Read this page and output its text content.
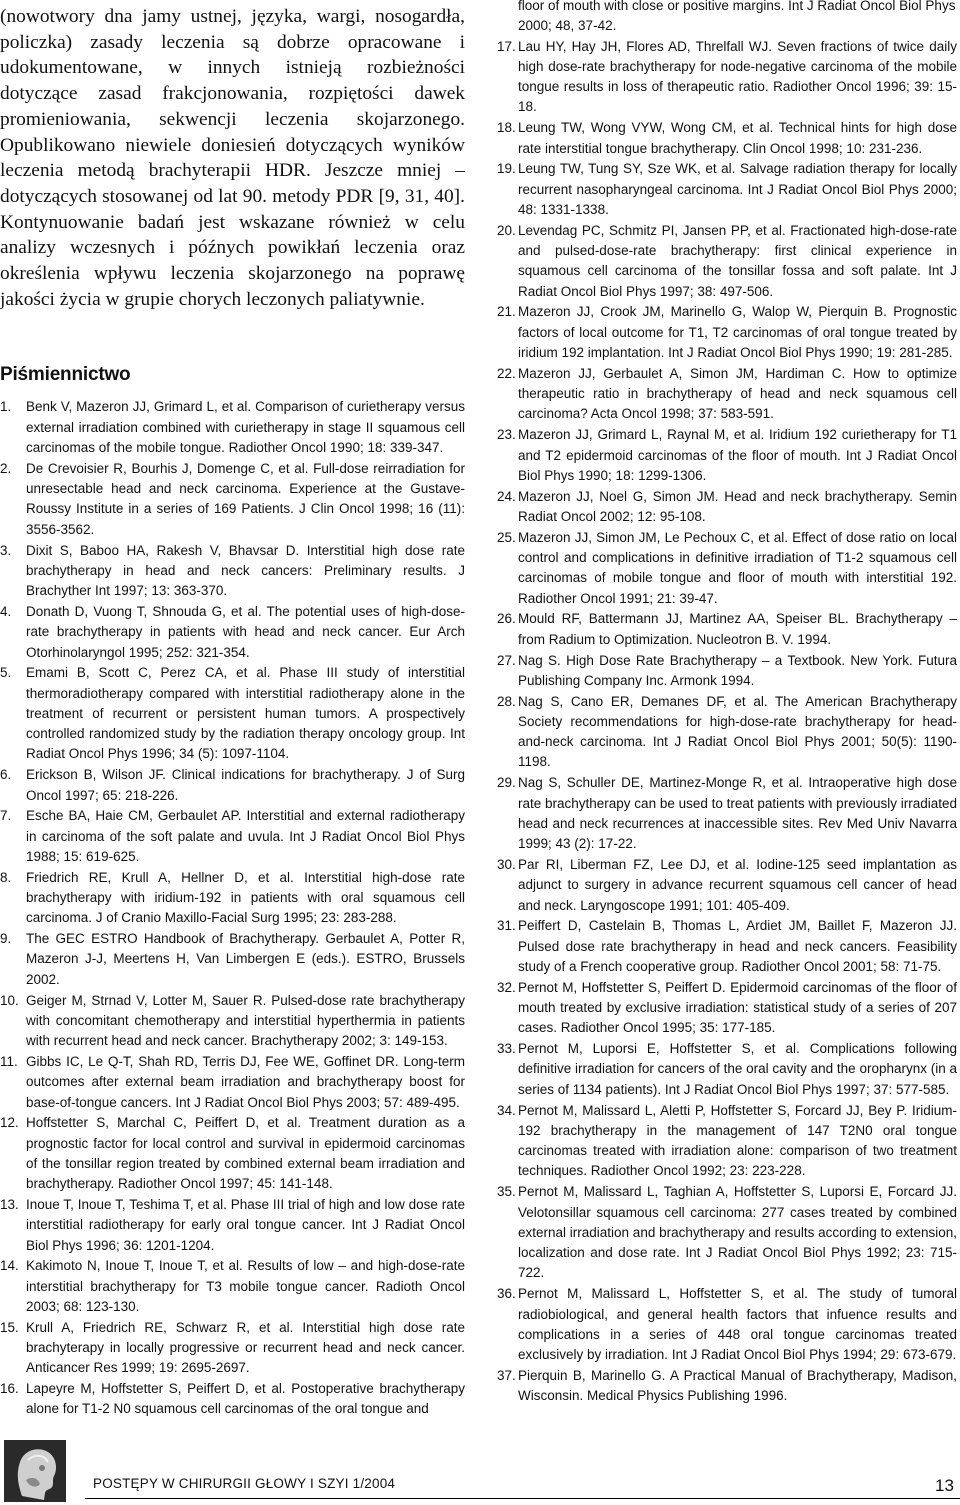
(nowotwory dna jamy ustnej, języka, wargi, nosogardła, policzka) zasady leczenia są dobrze opracowane i udokumentowane, w innych istnieją rozbieżności dotyczące zasad frakcjonowania, rozpiętości dawek promieniowania, sekwencji leczenia skojarzonego. Opublikowano niewiele doniesień dotyczących wyników leczenia metodą brachyterapii HDR. Jeszcze mniej – dotyczących stosowanej od lat 90. metody PDR [9, 31, 40]. Kontynuowanie badań jest wskazane również w celu analizy wczesnych i późnych powikłań leczenia oraz określenia wpływu leczenia skojarzonego na poprawę jakości życia w grupie chorych leczonych paliatywnie.

Piśmiennictwo
1. Benk V, Mazeron JJ, Grimard L, et al. Comparison of curietherapy versus external irradiation combined with curietherapy in stage II squamous cell carcinomas of the mobile tongue. Radiother Oncol 1990; 18: 339-347.
2. De Crevoisier R, Bourhis J, Domenge C, et al. Full-dose reirradiation for unresectable head and neck carcinoma. Experience at the Gustave-Roussy Institute in a series of 169 Patients. J Clin Oncol 1998; 16 (11): 3556-3562.
3. Dixit S, Baboo HA, Rakesh V, Bhavsar D. Interstitial high dose rate brachytherapy in head and neck cancers: Preliminary results. J Brachyther Int 1997; 13: 363-370.
4. Donath D, Vuong T, Shnouda G, et al. The potential uses of high-dose-rate brachytherapy in patients with head and neck cancer. Eur Arch Otorhinolaryngol 1995; 252: 321-354.
5. Emami B, Scott C, Perez CA, et al. Phase III study of interstitial thermoradiotherapy compared with interstitial radiotherapy alone in the treatment of recurrent or persistent human tumors. A prospectively controlled randomized study by the radiation therapy oncology group. Int Radiat Oncol Phys 1996; 34 (5): 1097-1104.
6. Erickson B, Wilson JF. Clinical indications for brachytherapy. J of Surg Oncol 1997; 65: 218-226.
7. Esche BA, Haie CM, Gerbaulet AP. Interstitial and external radiotherapy in carcinoma of the soft palate and uvula. Int J Radiat Oncol Biol Phys 1988; 15: 619-625.
8. Friedrich RE, Krull A, Hellner D, et al. Interstitial high-dose rate brachytherapy with iridium-192 in patients with oral squamous cell carcinoma. J of Cranio Maxillo-Facial Surg 1995; 23: 283-288.
9. The GEC ESTRO Handbook of Brachytherapy. Gerbaulet A, Potter R, Mazeron J-J, Meertens H, Van Limbergen E (eds.). ESTRO, Brussels 2002.
10. Geiger M, Strnad V, Lotter M, Sauer R. Pulsed-dose rate brachytherapy with concomitant chemotherapy and interstitial hyperthermia in patients with recurrent head and neck cancer. Brachytherapy 2002; 3: 149-153.
11. Gibbs IC, Le Q-T, Shah RD, Terris DJ, Fee WE, Goffinet DR. Long-term outcomes after external beam irradiation and brachytherapy boost for base-of-tongue cancers. Int J Radiat Oncol Biol Phys 2003; 57: 489-495.
12. Hoffstetter S, Marchal C, Peiffert D, et al. Treatment duration as a prognostic factor for local control and survival in epidermoid carcinomas of the tonsillar region treated by combined external beam irradiation and brachytherapy. Radiother Oncol 1997; 45: 141-148.
13. Inoue T, Inoue T, Teshima T, et al. Phase III trial of high and low dose rate interstitial radiotherapy for early oral tongue cancer. Int J Radiat Oncol Biol Phys 1996; 36: 1201-1204.
14. Kakimoto N, Inoue T, Inoue T, et al. Results of low – and high-dose-rate interstitial brachytherapy for T3 mobile tongue cancer. Radioth Oncol 2003; 68: 123-130.
15. Krull A, Friedrich RE, Schwarz R, et al. Interstitial high dose rate brachyterapy in locally progressive or recurrent head and neck cancer. Anticancer Res 1999; 19: 2695-2697.
16. Lapeyre M, Hoffstetter S, Peiffert D, et al. Postoperative brachytherapy alone for T1-2 N0 squamous cell carcinomas of the oral tongue and
floor of mouth with close or positive margins. Int J Radiat Oncol Biol Phys 2000; 48, 37-42.
17. Lau HY, Hay JH, Flores AD, Threlfall WJ. Seven fractions of twice daily high dose-rate brachytherapy for node-negative carcinoma of the mobile tongue results in loss of therapeutic ratio. Radiother Oncol 1996; 39: 15-18.
18. Leung TW, Wong VYW, Wong CM, et al. Technical hints for high dose rate interstitial tongue brachytherapy. Clin Oncol 1998; 10: 231-236.
19. Leung TW, Tung SY, Sze WK, et al. Salvage radiation therapy for locally recurrent nasopharyngeal carcinoma. Int J Radiat Oncol Biol Phys 2000; 48: 1331-1338.
20. Levendag PC, Schmitz PI, Jansen PP, et al. Fractionated high-dose-rate and pulsed-dose-rate brachytherapy: first clinical experience in squamous cell carcinoma of the tonsillar fossa and soft palate. Int J Radiat Oncol Biol Phys 1997; 38: 497-506.
21. Mazeron JJ, Crook JM, Marinello G, Walop W, Pierquin B. Prognostic factors of local outcome for T1, T2 carcinomas of oral tongue treated by iridium 192 implantation. Int J Radiat Oncol Biol Phys 1990; 19: 281-285.
22. Mazeron JJ, Gerbaulet A, Simon JM, Hardiman C. How to optimize therapeutic ratio in brachytherapy of head and neck squamous cell carcinoma? Acta Oncol 1998; 37: 583-591.
23. Mazeron JJ, Grimard L, Raynal M, et al. Iridium 192 curietherapy for T1 and T2 epidermoid carcinomas of the floor of mouth. Int J Radiat Oncol Biol Phys 1990; 18: 1299-1306.
24. Mazeron JJ, Noel G, Simon JM. Head and neck brachytherapy. Semin Radiat Oncol 2002; 12: 95-108.
25. Mazeron JJ, Simon JM, Le Pechoux C, et al. Effect of dose ratio on local control and complications in definitive irradiation of T1-2 squamous cell carcinomas of mobile tongue and floor of mouth with interstitial 192. Radiother Oncol 1991; 21: 39-47.
26. Mould RF, Battermann JJ, Martinez AA, Speiser BL. Brachytherapy – from Radium to Optimization. Nucleotron B. V. 1994.
27. Nag S. High Dose Rate Brachytherapy – a Textbook. New York. Futura Publishing Company Inc. Armonk 1994.
28. Nag S, Cano ER, Demanes DF, et al. The American Brachytherapy Society recommendations for high-dose-rate brachytherapy for head-and-neck carcinoma. Int J Radiat Oncol Biol Phys 2001; 50(5): 1190-1198.
29. Nag S, Schuller DE, Martinez-Monge R, et al. Intraoperative high dose rate brachytherapy can be used to treat patients with previously irradiated head and neck recurrences at inaccessible sites. Rev Med Univ Navarra 1999; 43 (2): 17-22.
30. Par RI, Liberman FZ, Lee DJ, et al. Iodine-125 seed implantation as adjunct to surgery in advance recurrent squamous cell cancer of head and neck. Laryngoscope 1991; 101: 405-409.
31. Peiffert D, Castelain B, Thomas L, Ardiet JM, Baillet F, Mazeron JJ. Pulsed dose rate brachytherapy in head and neck cancers. Feasibility study of a French cooperative group. Radiother Oncol 2001; 58: 71-75.
32. Pernot M, Hoffstetter S, Peiffert D. Epidermoid carcinomas of the floor of mouth treated by exclusive irradiation: statistical study of a series of 207 cases. Radiother Oncol 1995; 35: 177-185.
33. Pernot M, Luporsi E, Hoffstetter S, et al. Complications following definitive irradiation for cancers of the oral cavity and the oropharynx (in a series of 1134 patients). Int J Radiat Oncol Biol Phys 1997; 37: 577-585.
34. Pernot M, Malissard L, Aletti P, Hoffstetter S, Forcard JJ, Bey P. Iridium-192 brachytherapy in the management of 147 T2N0 oral tongue carcinomas treated with irradiation alone: comparison of two treatment techniques. Radiother Oncol 1992; 23: 223-228.
35. Pernot M, Malissard L, Taghian A, Hoffstetter S, Luporsi E, Forcard JJ. Velotonsillar squamous cell carcinoma: 277 cases treated by combined external irradiation and brachytherapy and results according to extension, localization and dose rate. Int J Radiat Oncol Biol Phys 1992; 23: 715-722.
36. Pernot M, Malissard L, Hoffstetter S, et al. The study of tumoral radiobiological, and general health factors that infuence results and complications in a series of 448 oral tongue carcinomas treated exclusively by irradiation. Int J Radiat Oncol Biol Phys 1994; 29: 673-679.
37. Pierquin B, Marinello G. A Practical Manual of Brachytherapy, Madison, Wisconsin. Medical Physics Publishing 1996.
POSTĘPY W CHIRURGII GŁOWY I SZYI 1/2004	13
